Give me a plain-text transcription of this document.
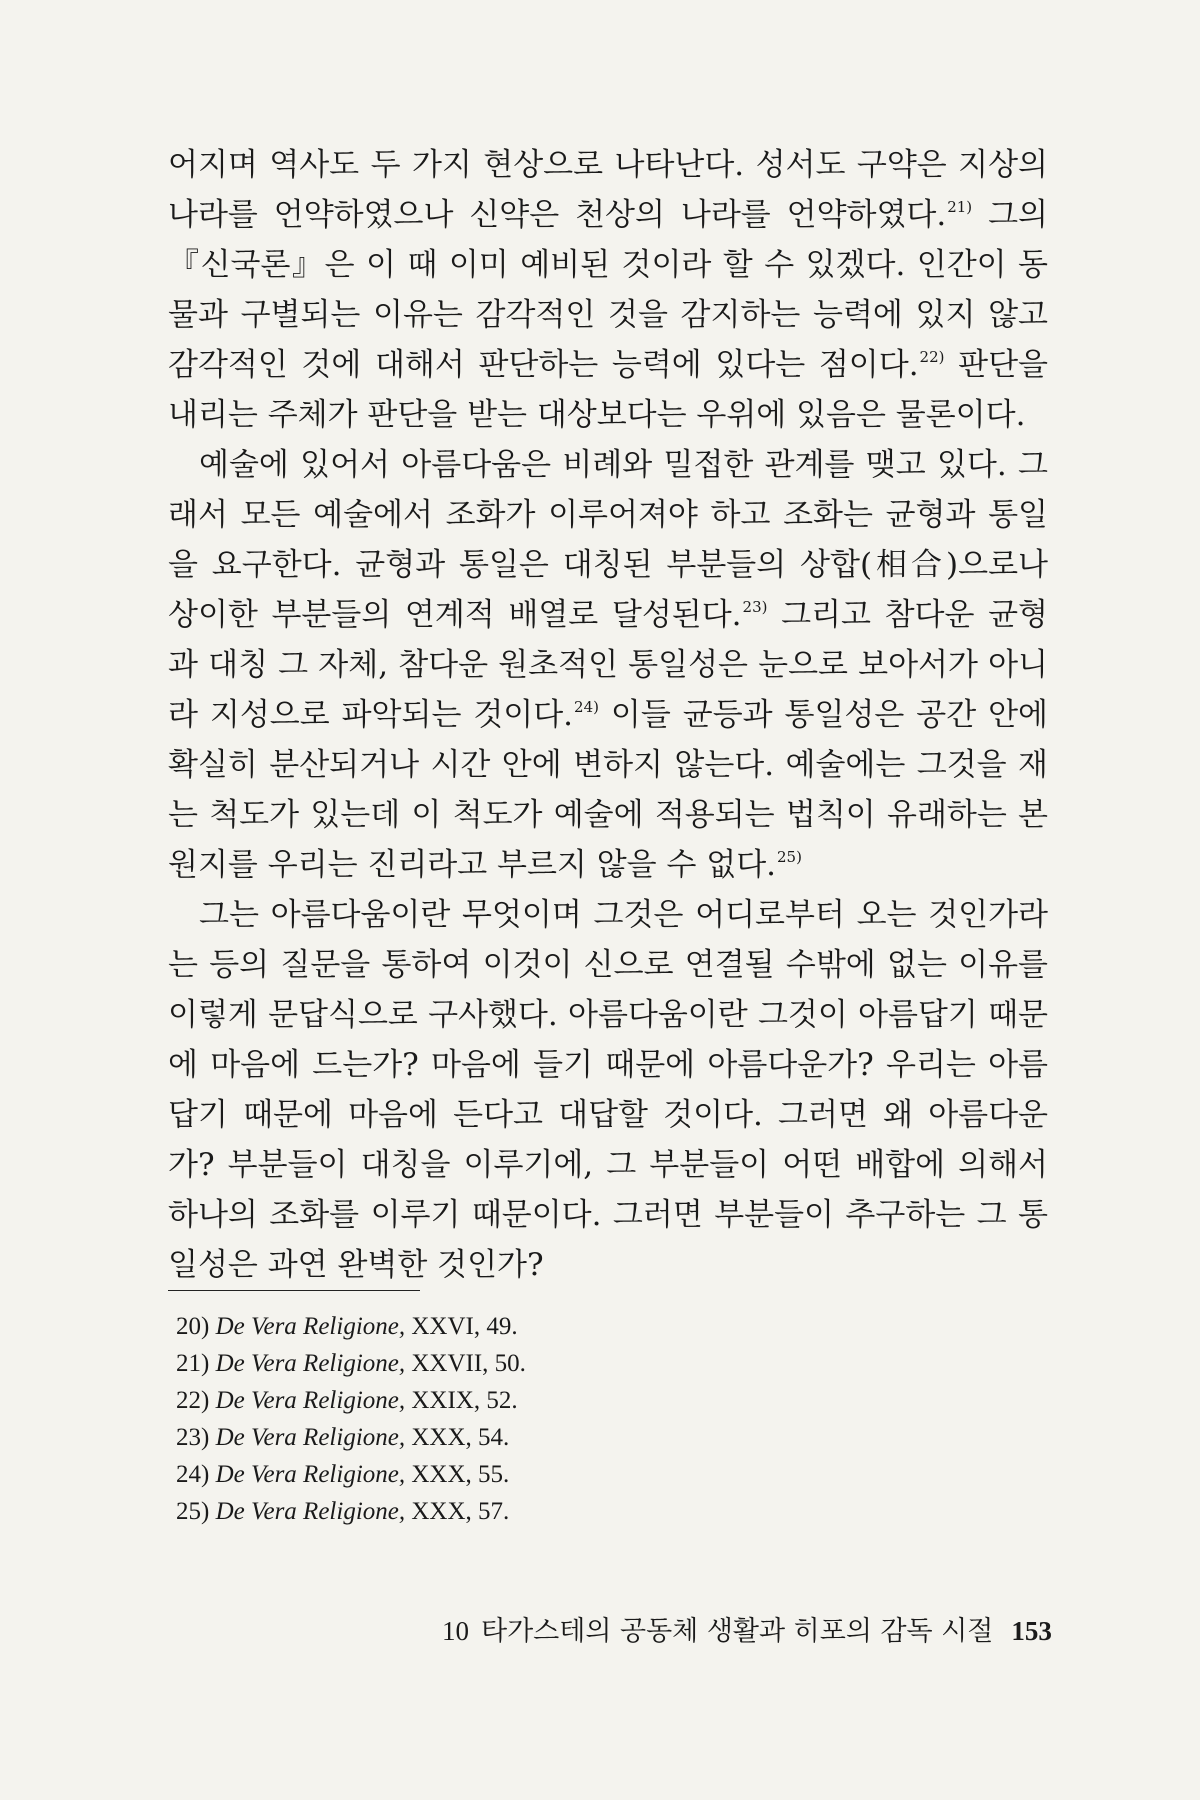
어지며 역사도 두 가지 현상으로 나타난다. 성서도 구약은 지상의 나라를 언약하였으나 신약은 천상의 나라를 언약하였다.$^{21)}$ 그의 『신국론』은 이 때 이미 예비된 것이라 할 수 있겠다. 인간이 동물과 구별되는 이유는 감각적인 것을 감지하는 능력에 있지 않고 감각적인 것에 대해서 판단하는 능력에 있다는 점이다.$^{22)}$ 판단을 내리는 주체가 판단을 받는 대상보다는 우위에 있음은 물론이다.

예술에 있어서 아름다움은 비례와 밀접한 관계를 맺고 있다. 그래서 모든 예술에서 조화가 이루어져야 하고 조화는 균형과 통일을 요구한다. 균형과 통일은 대칭된 부분들의 상합(相合)으로나 상이한 부분들의 연계적 배열로 달성된다.$^{23)}$ 그리고 참다운 균형과 대칭 그 자체, 참다운 원초적인 통일성은 눈으로 보아서가 아니라 지성으로 파악되는 것이다.$^{24)}$ 이들 균등과 통일성은 공간 안에 확실히 분산되거나 시간 안에 변하지 않는다. 예술에는 그것을 재는 척도가 있는데 이 척도가 예술에 적용되는 법칙이 유래하는 본원지를 우리는 진리라고 부르지 않을 수 없다.$^{25)}$

그는 아름다움이란 무엇이며 그것은 어디로부터 오는 것인가라는 등의 질문을 통하여 이것이 신으로 연결될 수밖에 없는 이유를 이렇게 문답식으로 구사했다. 아름다움이란 그것이 아름답기 때문에 마음에 드는가? 마음에 들기 때문에 아름다운가? 우리는 아름답기 때문에 마음에 든다고 대답할 것이다. 그러면 왜 아름다운가? 부분들이 대칭을 이루기에, 그 부분들이 어떤 배합에 의해서 하나의 조화를 이루기 때문이다. 그러면 부분들이 추구하는 그 통일성은 과연 완벽한 것인가?

20) De Vera Religione, XXVI, 49.
21) De Vera Religione, XXVII, 50.
22) De Vera Religione, XXIX, 52.
23) De Vera Religione, XXX, 54.
24) De Vera Religione, XXX, 55.
25) De Vera Religione, XXX, 57.
10 타가스테의 공동체 생활과 히포의 감독 시절 153
